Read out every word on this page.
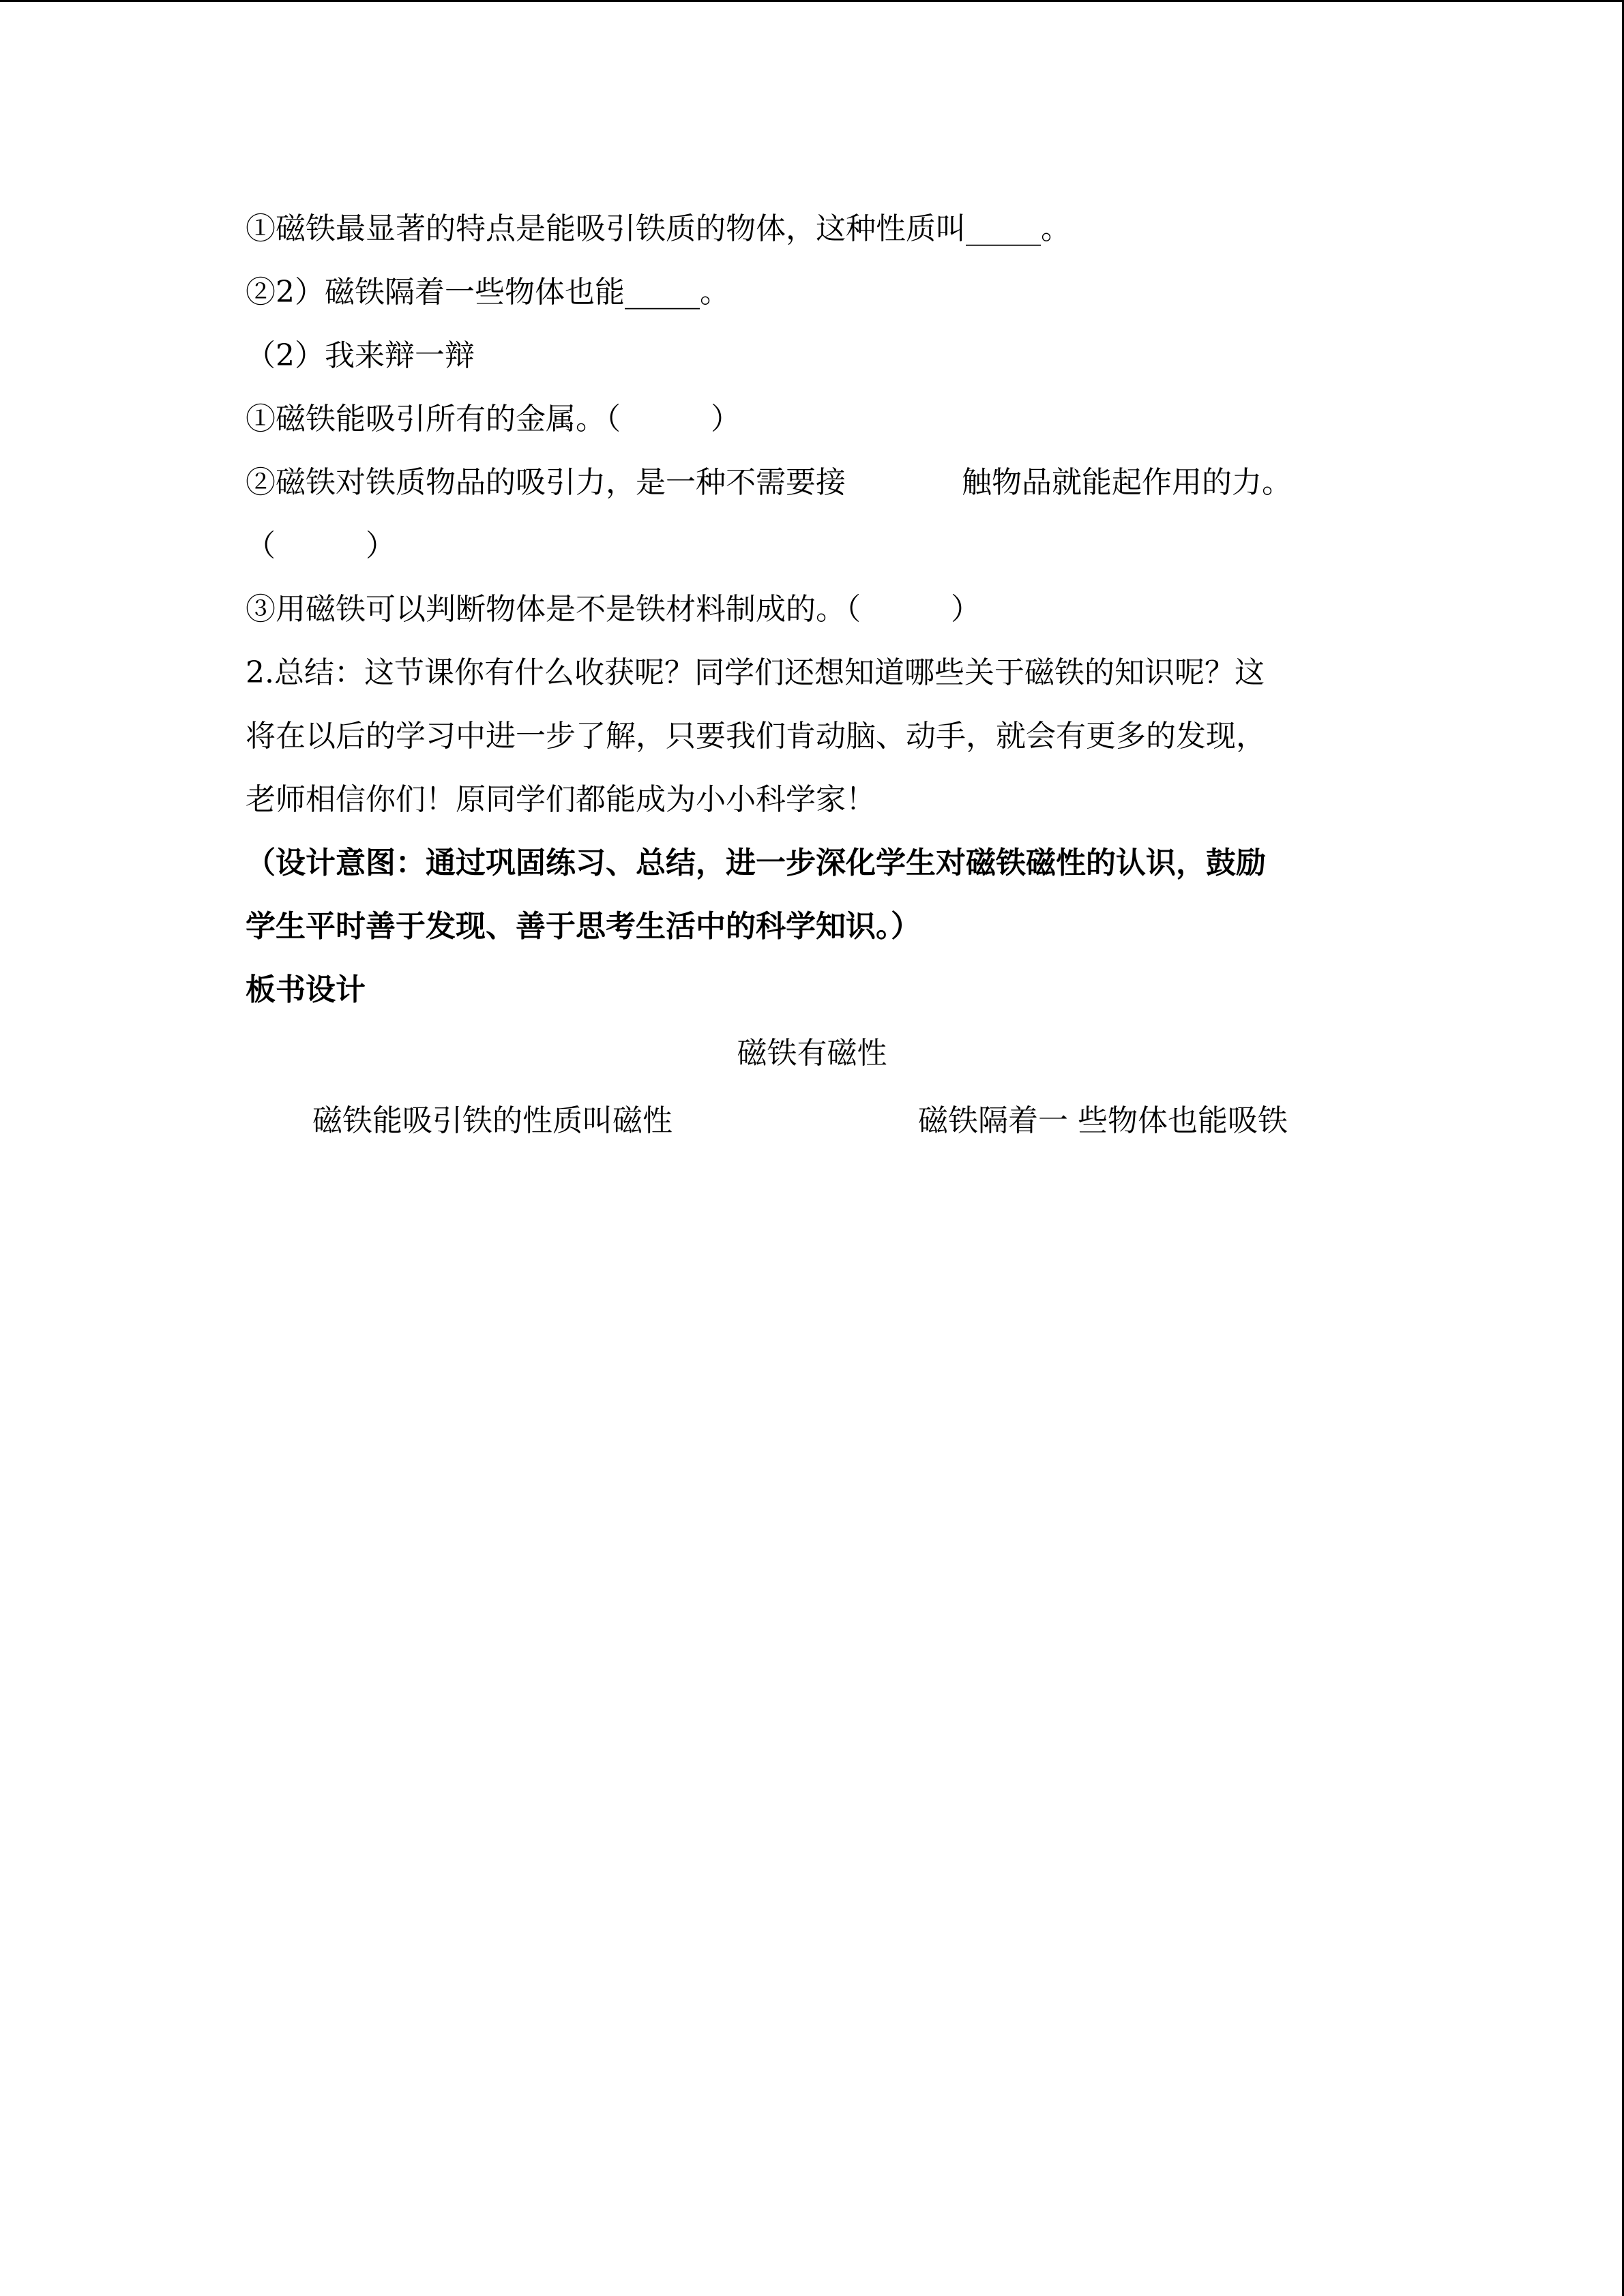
①磁铁最显著的特点是能吸引铁质的物体，这种性质叫_____。
②2）磁铁隔着一些物体也能_____。
（2）我来辩一辩
①磁铁能吸引所有的金属。（　　　）
②磁铁对铁质物品的吸引力，是一种不需要接	触物品就能起作用的力。
（　　　）
③用磁铁可以判断物体是不是铁材料制成的。（　　　）
2.总结：这节课你有什么收获呢？同学们还想知道哪些关于磁铁的知识呢？这
将在以后的学习中进一步了解，只要我们肯动脑、动手，就会有更多的发现，
老师相信你们！原同学们都能成为小小科学家！
（设计意图：通过巩固练习、总结，进一步深化学生对磁铁磁性的认识，鼓励
学生平时善于发现、善于思考生活中的科学知识。）
板书设计
磁铁有磁性
磁铁能吸引铁的性质叫磁性	磁铁隔着一 些物体也能吸铁
